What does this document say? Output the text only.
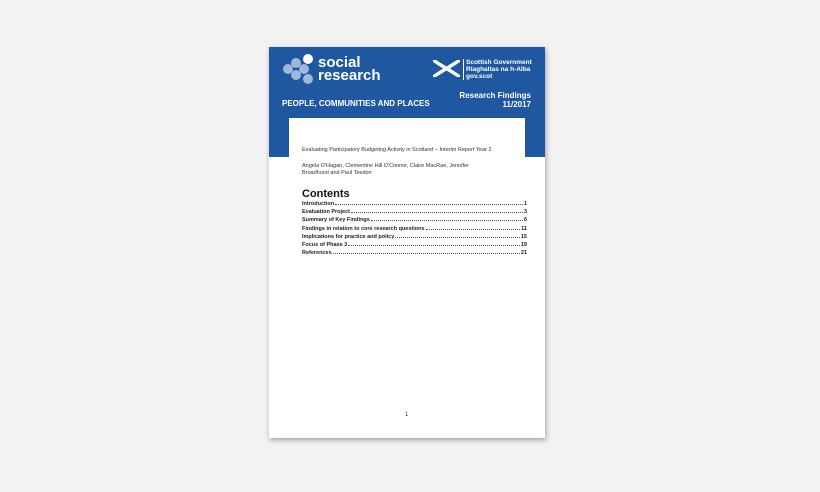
social
research
Scottish Government
Riaghaltas na h-Alba
gov.scot
PEOPLE, COMMUNITIES AND PLACES
Research Findings
11/2017
Evaluating Participatory Budgeting Activity in Scotland – Interim Report Year 2
Angela O'Hagan, Clementine Hill O'Connor, Claire MacRae, Jennifer Broadhurst and Paul Teedon
Contents
Introduction	1
Evaluation Project	3
Summary of Key Findings	6
Findings in relation to core research questions	11
Implications for practice and policy	15
Focus of Phase 3	19
References	21
1
